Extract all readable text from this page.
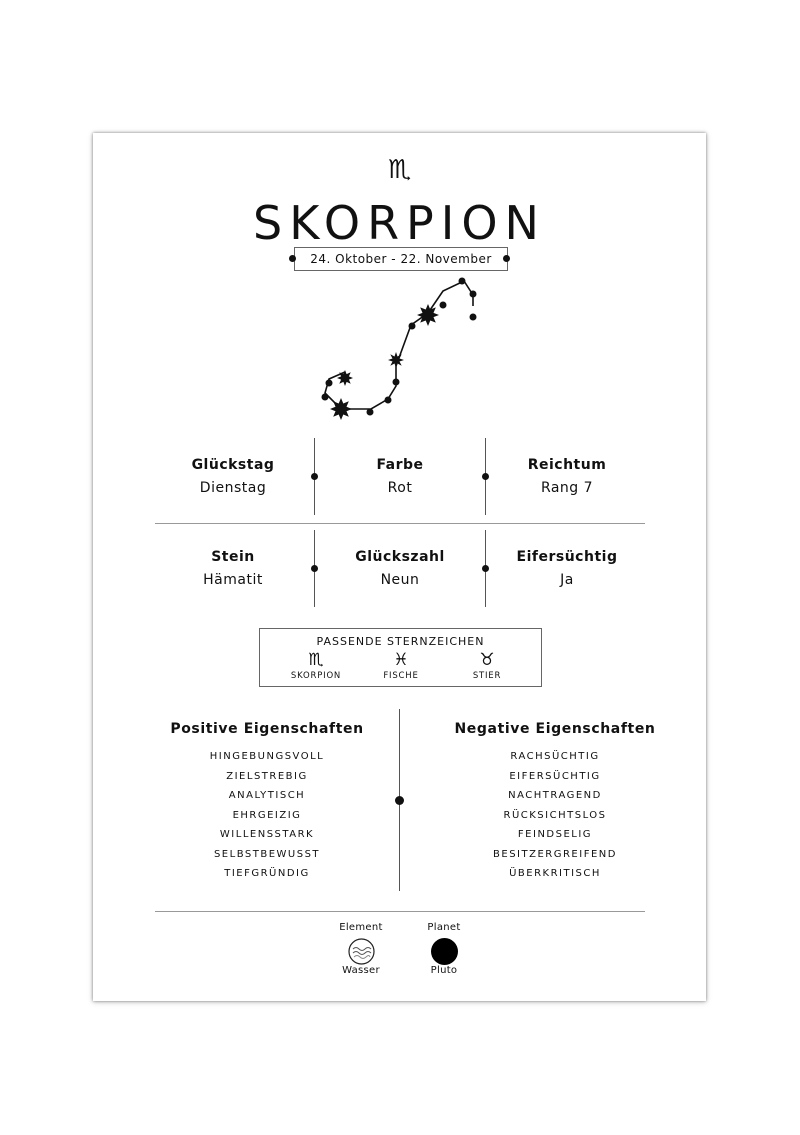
♏
SKORPION
24. Oktober - 22. November
Glückstag
Dienstag
Farbe
Rot
Reichtum
Rang 7
Stein
Hämatit
Glückszahl
Neun
Eifersüchtig
Ja
PASSENDE STERNZEICHEN
♏
SKORPION
♓
FISCHE
♉
STIER
Positive Eigenschaften
HINGEBUNGSVOLL
ZIELSTREBIG
ANALYTISCH
EHRGEIZIG
WILLENSSTARK
SELBSTBEWUSST
TIEFGRÜNDIG
Negative Eigenschaften
RACHSÜCHTIG
EIFERSÜCHTIG
NACHTRAGEND
RÜCKSICHTSLOS
FEINDSELIG
BESITZERGREIFEND
ÜBERKRITISCH
Element
Wasser
Planet
Pluto
